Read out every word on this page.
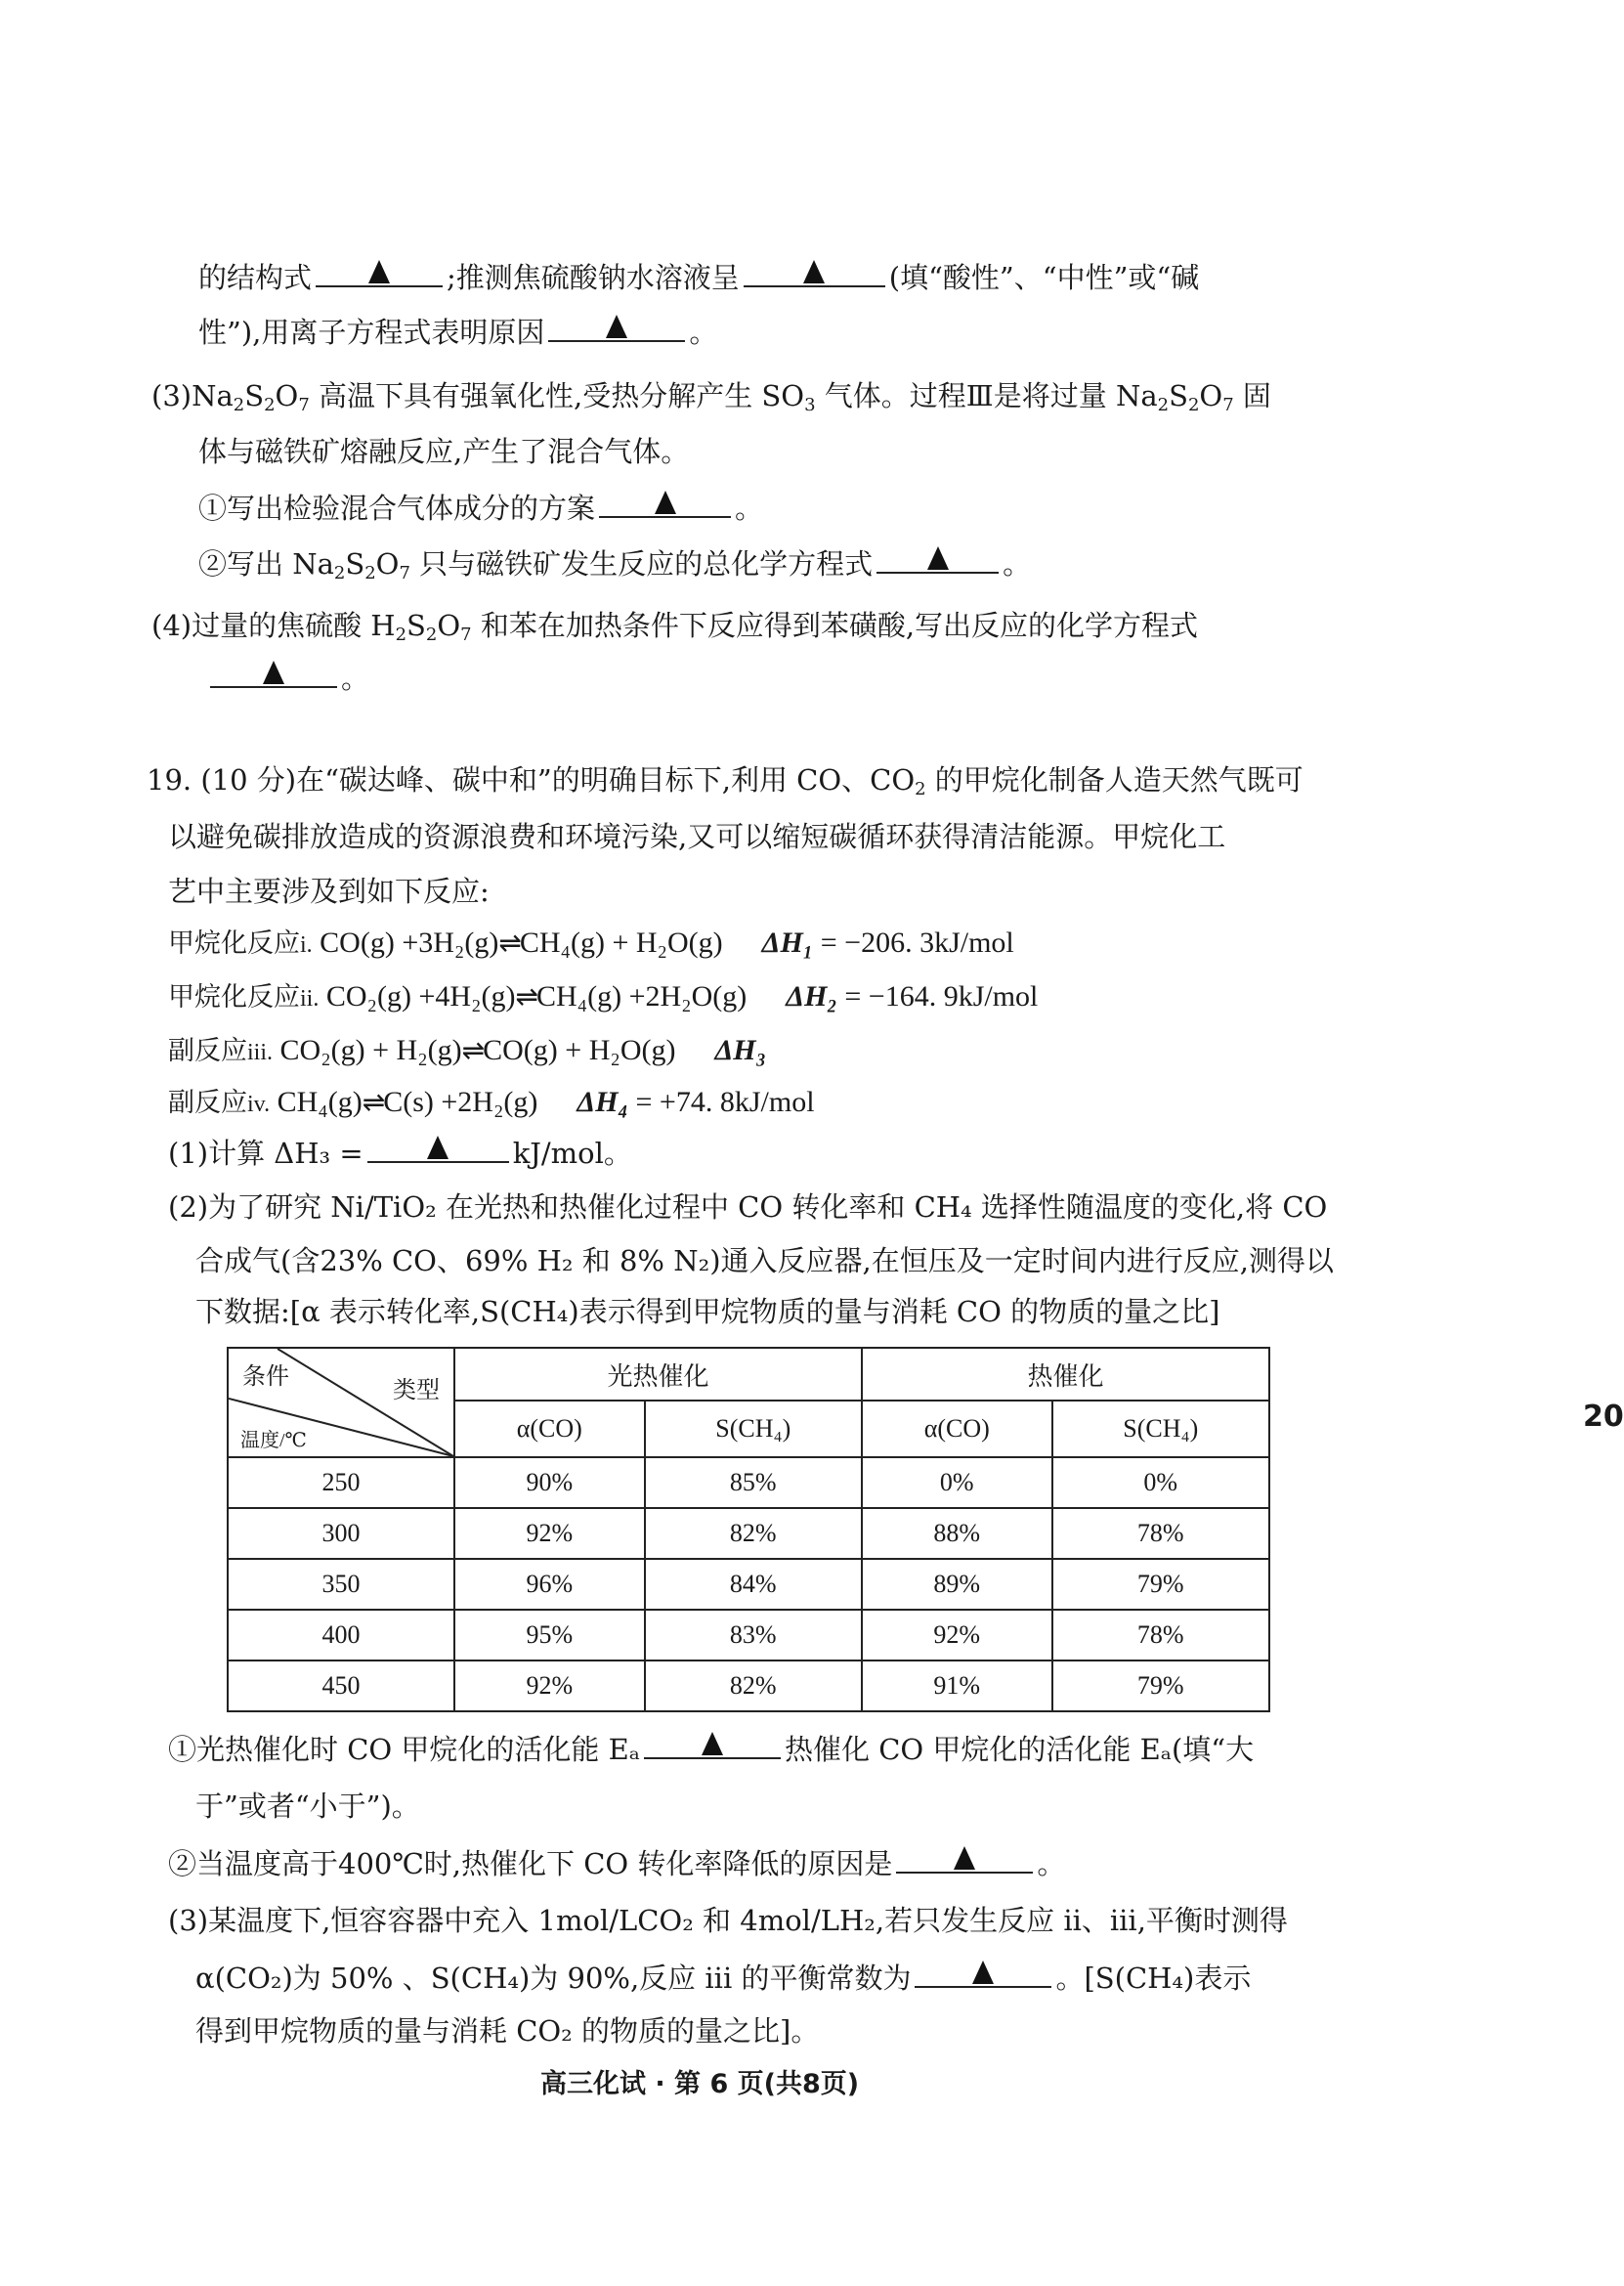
的结构式	;推测焦硫酸钠水溶液呈	(填“酸性”、“中性”或“碱
性”),用离子方程式表明原因	。
$(3)Na_2S_2O_7$ 高温下具有强氧化性,受热分解产生 $SO_3$ 气体。过程Ⅲ是将过量 $Na_2S_2O_7$ 固
体与磁铁矿熔融反应,产生了混合气体。
①写出检验混合气体成分的方案	。
②写出 $Na_2S_2O_7$ 只与磁铁矿发生反应的总化学方程式	。
(4)过量的焦硫酸 $H_2S_2O_7$ 和苯在加热条件下反应得到苯磺酸,写出反应的化学方程式
。
19. (10 分)在“碳达峰、碳中和”的明确目标下,利用 CO、$CO_2$ 的甲烷化制备人造天然气既可
以避免碳排放造成的资源浪费和环境污染,又可以缩短碳循环获得清洁能源。甲烷化工
艺中主要涉及到如下反应:
甲烷化反应i. CO(g) +3H₂(g)⇌CH₄(g) + H₂O(g) ΔH₁ = −206. 3kJ/mol
甲烷化反应ii. CO₂(g) +4H₂(g)⇌CH₄(g) +2H₂O(g) ΔH₂ = −164. 9kJ/mol
副反应iii. CO₂(g) + H₂(g)⇌CO(g) + H₂O(g) ΔH₃
副反应iv. CH₄(g)⇌C(s) +2H₂(g) ΔH₄ = +74. 8kJ/mol
(1)计算 ΔH₃ =	kJ/mol。
(2)为了研究 Ni/TiO₂ 在光热和热催化过程中 CO 转化率和 CH₄ 选择性随温度的变化,将 CO
合成气(含23% CO、69% H₂ 和 8% N₂)通入反应器,在恒压及一定时间内进行反应,测得以
下数据:[α 表示转化率,S(CH₄)表示得到甲烷物质的量与消耗 CO 的物质的量之比]
条件
类型
温度/℃	光热催化		热催化	
	α(CO)	S(CH₄)	α(CO)	S(CH₄)
250	90%	85%	0%	0%
300	92%	82%	88%	78%
350	96%	84%	89%	79%
400	95%	83%	92%	78%
450	92%	82%	91%	79%
①光热催化时 CO 甲烷化的活化能 Eₐ	热催化 CO 甲烷化的活化能 Eₐ(填“大
于”或者“小于”)。
②当温度高于400℃时,热催化下 CO 转化率降低的原因是	。
(3)某温度下,恒容容器中充入 1mol/LCO₂ 和 4mol/LH₂,若只发生反应 ii、iii,平衡时测得
α(CO₂)为 50% 、S(CH₄)为 90%,反应 iii 的平衡常数为	。[S(CH₄)表示
得到甲烷物质的量与消耗 CO₂ 的物质的量之比]。
高三化试 · 第 6 页(共8页)
20
